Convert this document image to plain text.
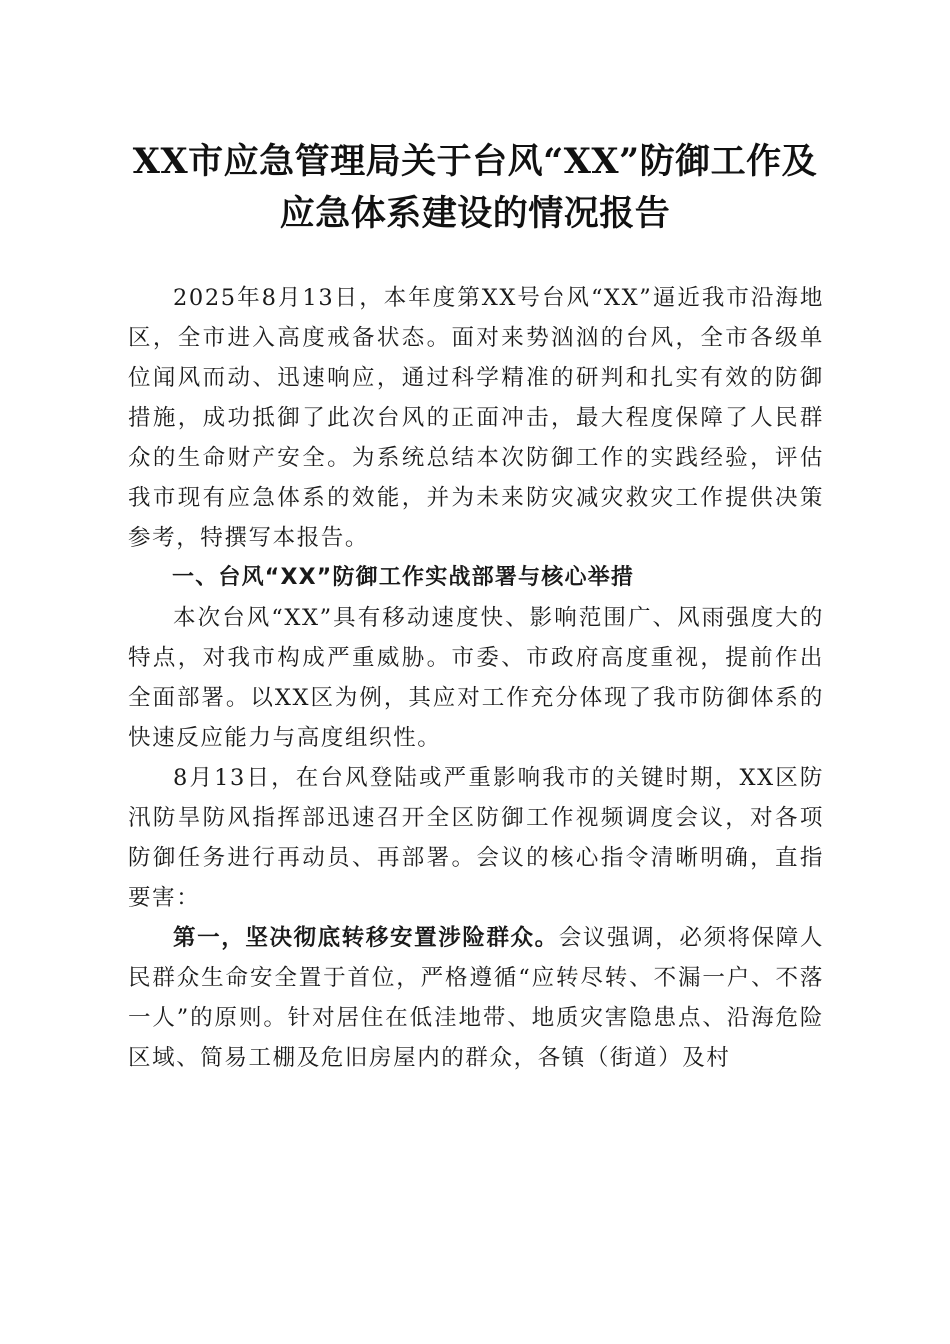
XX市应急管理局关于台风“XX”防御工作及
应急体系建设的情况报告

2025年8月13日，本年度第XX号台风“XX”逼近我市沿海地区，全市进入高度戒备状态。面对来势汹汹的台风，全市各级单位闻风而动、迅速响应，通过科学精准的研判和扎实有效的防御措施，成功抵御了此次台风的正面冲击，最大程度保障了人民群众的生命财产安全。为系统总结本次防御工作的实践经验，评估我市现有应急体系的效能，并为未来防灾减灾救灾工作提供决策参考，特撰写本报告。

一、台风“XX”防御工作实战部署与核心举措

本次台风“XX”具有移动速度快、影响范围广、风雨强度大的特点，对我市构成严重威胁。市委、市政府高度重视，提前作出全面部署。以XX区为例，其应对工作充分体现了我市防御体系的快速反应能力与高度组织性。

8月13日，在台风登陆或严重影响我市的关键时期，XX区防汛防旱防风指挥部迅速召开全区防御工作视频调度会议，对各项防御任务进行再动员、再部署。会议的核心指令清晰明确，直指要害：

第一，坚决彻底转移安置涉险群众。会议强调，必须将保障人民群众生命安全置于首位，严格遵循“应转尽转、不漏一户、不落一人”的原则。针对居住在低洼地带、地质灾害隐患点、沿海危险区域、简易工棚及危旧房屋内的群众，各镇（街道）及村
